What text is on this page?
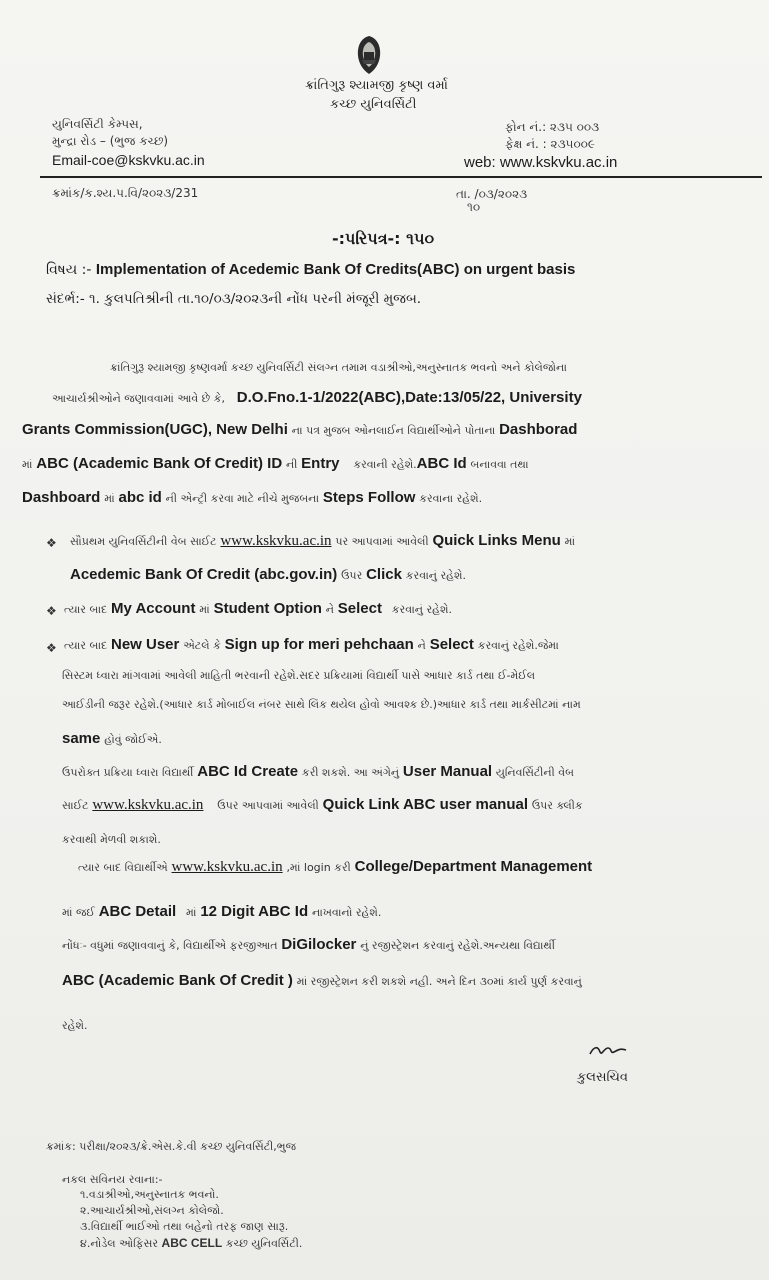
ક્રાંતિગુરૂ શ્યામજી કૃષ્ણ વર્મા
કચ્છ યુનિવર્સિટી
યુનિવર્સિટી કેમ્પસ,
મુન્દ્રા રોડ – (ભુજ કચ્છ)
Email-coe@kskvku.ac.in
ફોન નં.: ૨૩૫ ૦૦૩
ફેક્ષ નં. : ૨૩૫૦૦૯
web: www.kskvku.ac.in
ક્રમાંક/ક.શ્ય.પ.વિ/૨૦૨૩/231	તા. /૦૩/૨૦૨૩
૧૦
-:પરિપત્ર-: ૧૫૦
વિષય :- Implementation of Acedemic Bank Of Credits(ABC) on urgent basis
સંદર્ભ:- ૧. કુલપતિશ્રીની તા.૧૦/૦૩/૨૦૨૩ની નોંધ પરની મંજૂરી મુજબ.
ક્રાંતિગુરૂ શ્યામજી કૃષ્ણવર્મા કચ્છ યુનિવર્સિટી સંલગ્ન તમામ વડાશ્રીઓ,અનુસ્નાતક ભવનો અને કોલેજોના
આચાર્યશ્રીઓને જણાવવામાં આવે છે કે, D.O.Fno.1-1/2022(ABC),Date:13/05/22, University
Grants Commission(UGC), New Delhi ના પત્ર મુજબ ઓનલાઈન વિદ્યાર્થીઓને પોતાના Dashborad
માં ABC (Academic Bank Of Credit) ID ની Entry કરવાની રહેશે.ABC Id બનાવવા તથા
Dashboard માં abc id ની એન્ટ્રી કરવા માટે નીચે મુજબના Steps Follow કરવાના રહેશે.
❖ સૌપ્રથમ યુનિવર્સિટીની વેબ સાઈટ www.kskvku.ac.in પર આપવામાં આવેલી Quick Links Menu માં
Acedemic Bank Of Credit (abc.gov.in) ઉપર Click કરવાનું રહેશે.
❖ ત્યાર બાદ My Account માં Student Option ને Select કરવાનું રહેશે.
❖ ત્યાર બાદ New User એટલે કે Sign up for meri pehchaan ને Select કરવાનું રહેશે.જેમા
સિસ્ટમ ધ્વારા માંગવામાં આવેલી માહિતી ભરવાની રહેશે.સદર પ્રક્રિયામાં વિદ્યાર્થી પાસે આધાર કાર્ડ તથા ઈ-મેઈલ
આઈડીની જરૂર રહેશે.(આધાર કાર્ડ મોબાઈલ નંબર સાથે લિંક થયેલ હોવો આવશ્ક છે.)આધાર કાર્ડ તથા માર્કસીટમાં નામ
same હોવું જોઈએ.
ઉપરોક્ત પ્રક્રિયા ધ્વારા વિદ્યાર્થી ABC Id Create કરી શકશે. આ અંગેનું User Manual યુનિવર્સિટીની વેબ
સાઈટ www.kskvku.ac.in ઉપર આપવામાં આવેલી Quick Link ABC user manual ઉપર ક્લીક
કરવાથી મેળવી શકાશે.
ત્યાર બાદ વિદ્યાર્થીએ www.kskvku.ac.in ,માં login કરી College/Department Management
માં જઈ ABC Detail માં 12 Digit ABC Id નાખવાનો રહેશે.
નોંધઃ- વધુમાં જણાવવાનું કે, વિદ્યાર્થીએ ફરજીઆત DiGilocker નું રજીસ્ટ્રેશન કરવાનું રહેશે.અન્યથા વિદ્યાર્થી
ABC (Academic Bank Of Credit ) માં રજીસ્ટ્રેશન કરી શકશે નહી. અને દિન ૩૦માં કાર્ય પુર્ણ કરવાનું
રહેશે.
કુલસચિવ
ક્રમાંક: પરીક્ષા/૨૦૨૩/ક્રે.એસ.કે.વી કચ્છ યુનિવર્સિટી,ભુજ
નકલ સવિનય રવાના:-
૧.વડાશ્રીઓ,અનુસ્નાતક ભવનો.
૨.આચાર્યશ્રીઓ,સંલગ્ન કોલેજો.
૩.વિદ્યાર્થી ભાઈઓ તથા બહેનો તરફ જાણ સારૂ.
૪.નોડેલ ઓફિસર ABC CELL કચ્છ યુનિવર્સિટી.
